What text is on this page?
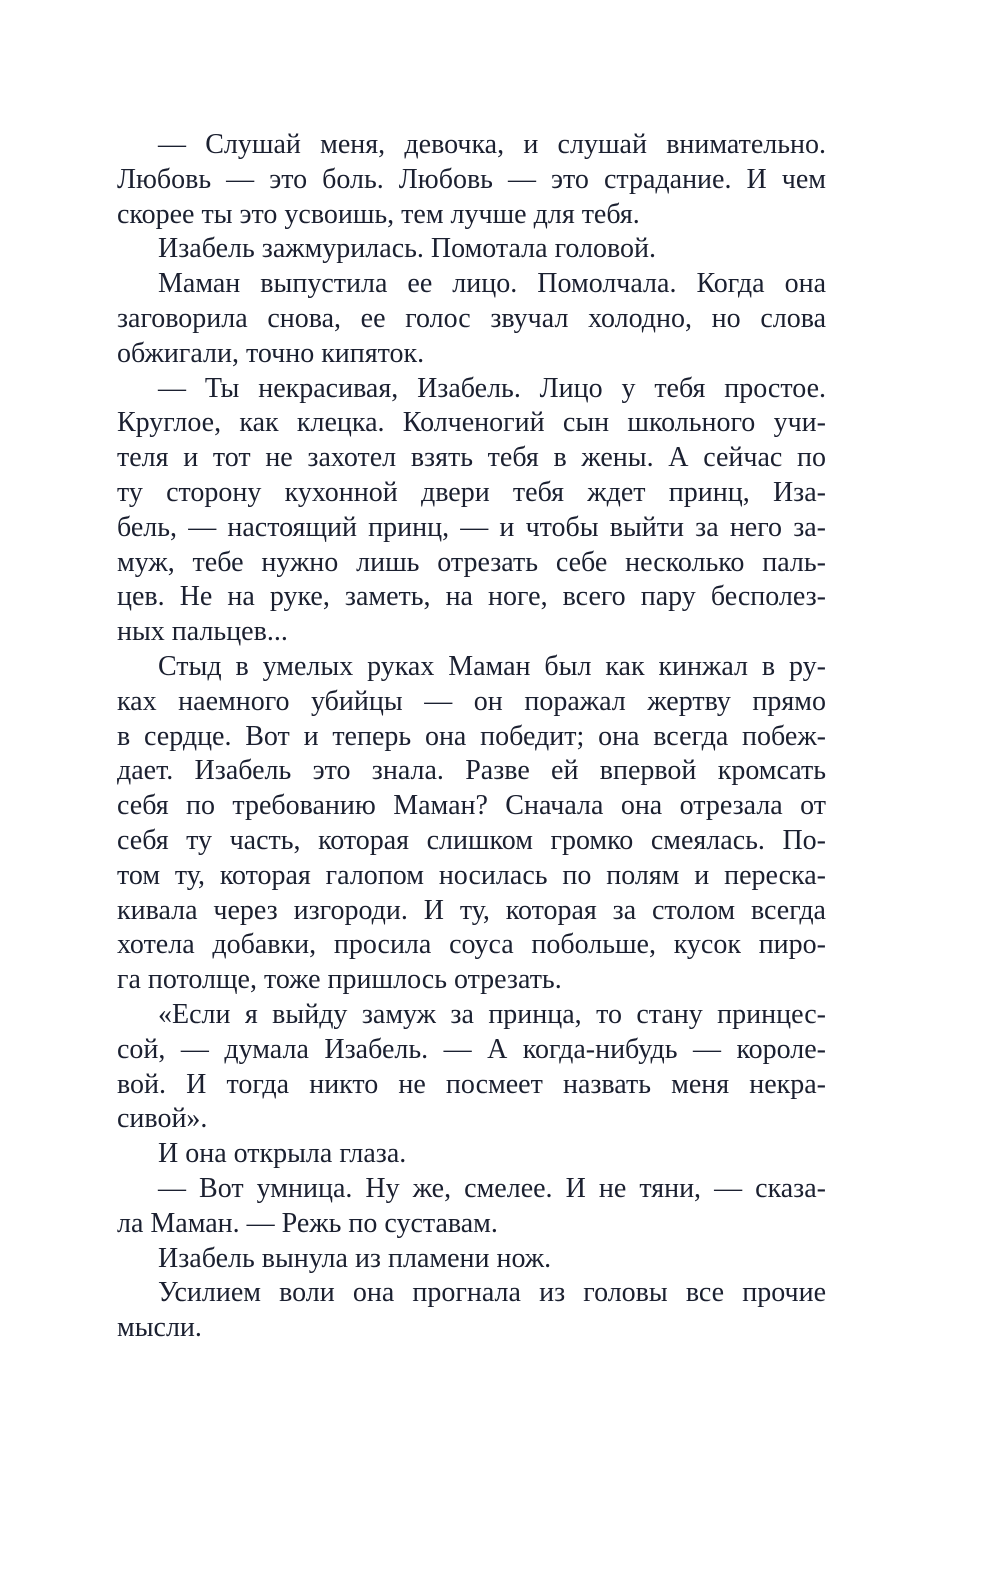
— Слушай меня, девочка, и слушай внимательно.
Любовь — это боль. Любовь — это страдание. И чем
скорее ты это усвоишь, тем лучше для тебя.
Изабель зажмурилась. Помотала головой.
Маман выпустила ее лицо. Помолчала. Когда она
заговорила снова, ее голос звучал холодно, но слова
обжигали, точно кипяток.
— Ты некрасивая, Изабель. Лицо у тебя простое.
Круглое, как клецка. Колченогий сын школьного учи-
теля и тот не захотел взять тебя в жены. А сейчас по
ту сторону кухонной двери тебя ждет принц, Иза-
бель, — настоящий принц, — и чтобы выйти за него за-
муж, тебе нужно лишь отрезать себе несколько паль-
цев. Не на руке, заметь, на ноге, всего пару бесполез-
ных пальцев...
Стыд в умелых руках Маман был как кинжал в ру-
ках наемного убийцы — он поражал жертву прямо
в сердце. Вот и теперь она победит; она всегда побеж-
дает. Изабель это знала. Разве ей впервой кромсать
себя по требованию Маман? Сначала она отрезала от
себя ту часть, которая слишком громко смеялась. По-
том ту, которая галопом носилась по полям и переска-
кивала через изгороди. И ту, которая за столом всегда
хотела добавки, просила соуса побольше, кусок пиро-
га потолще, тоже пришлось отрезать.
«Если я выйду замуж за принца, то стану принцес-
сой, — думала Изабель. — А когда-нибудь — короле-
вой. И тогда никто не посмеет назвать меня некра-
сивой».
И она открыла глаза.
— Вот умница. Ну же, смелее. И не тяни, — сказа-
ла Маман. — Режь по суставам.
Изабель вынула из пламени нож.
Усилием воли она прогнала из головы все прочие
мысли.
